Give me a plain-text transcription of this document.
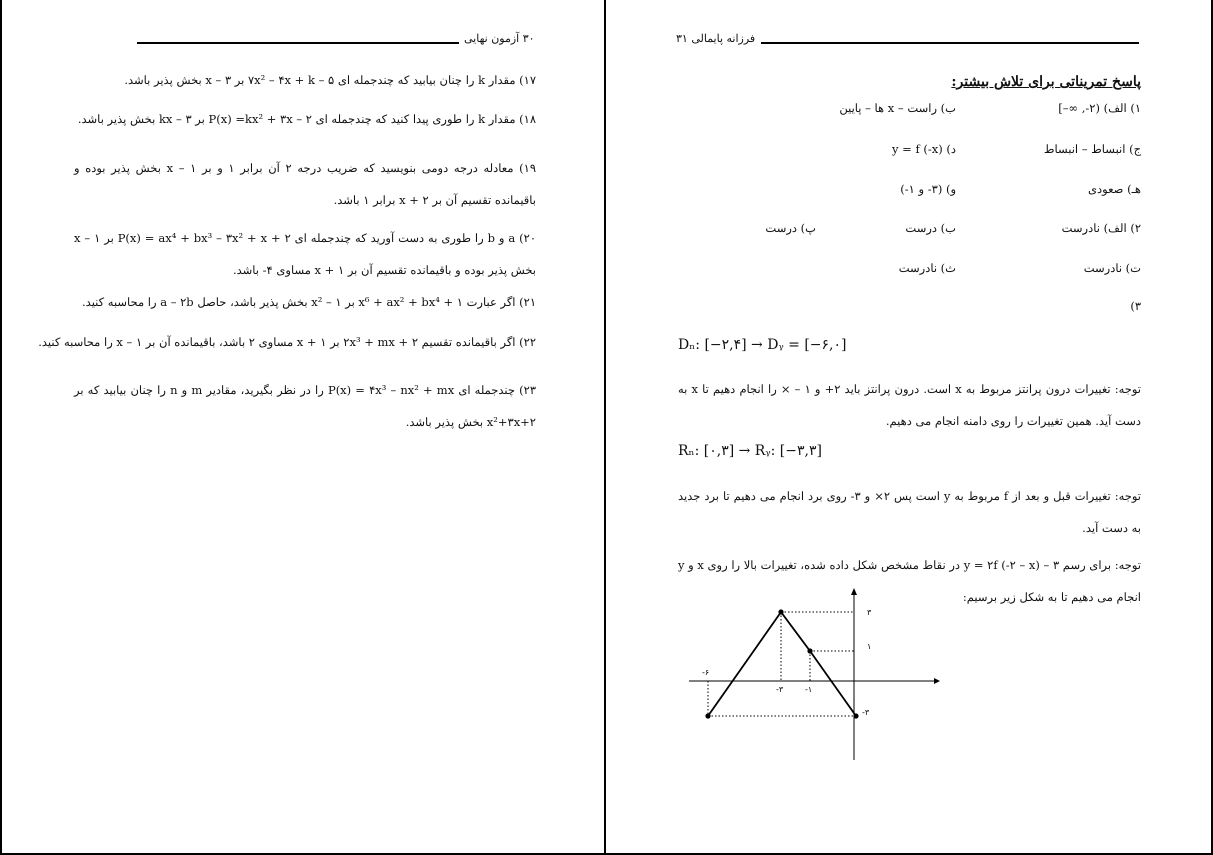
۳۰ آزمون نهایی
۱۷) مقدار k را چنان بیابید که چندجمله ای ۵ – ۷x² – ۴x + k بر ۳ – x بخش پذیر باشد.
۱۸) مقدار k را طوری پیدا کنید که چندجمله ای P(x) =kx² + ۳x – ۲ بر ۳ – kx بخش پذیر باشد.
۱۹) معادله درجه دومی بنویسید که ضریب درجه ۲ آن برابر ۱ و بر ۱ – x بخش پذیر بوده و باقیمانده تقسیم آن بر ۲ + x برابر ۱ باشد.
۲۰) a و b را طوری به دست آورید که چندجمله ای P(x) = ax⁴ + bx³ – ۳x² + x + ۲ بر ۱ – x بخش پذیر بوده و باقیمانده تقسیم آن بر ۱ + x مساوی ۴- باشد.
۲۱) اگر عبارت x⁶ + ax² + bx⁴ + ۱ بر ۱ – x² بخش پذیر باشد، حاصل a – ۲b را محاسبه کنید.
۲۲) اگر باقیمانده تقسیم ۲x³ + mx + ۲ بر ۱ + x مساوی ۲ باشد، باقیمانده آن بر ۱ – x را محاسبه کنید.
۲۳) چندجمله ای P(x) = ۴x³ – nx² + mx را در نظر بگیرید، مقادیر m و n را چنان بیابید که بر x²+۳x+۲ بخش پذیر باشد.
فرزانه پایمالی ۳۱
پاسخ تمریناتی برای تلاش بیشتر:
۱) الف) (۲-, ∞–]
ب) راست – x ها – پایین
ج) انبساط – انبساط
د) y = f (-x)
هـ) صعودی
و) (۳- و ۱-)
۲) الف) نادرست
ب) درست
پ) درست
ت) نادرست
ث) نادرست
۳)
Dₙ: [−۲,۴] → Dᵧ = [−۶,۰]
توجه: تغییرات درون پرانتز مربوط به x است. درون پرانتز باید ۲+ و ۱ – × را انجام دهیم تا x به دست آید. همین تغییرات را روی دامنه انجام می دهیم.
Rₙ: [۰,۳] → Rᵧ: [−۳,۳]
توجه: تغییرات قبل و بعد از f مربوط به y است پس ۲× و ۳- روی برد انجام می دهیم تا برد جدید به دست آید.
توجه: برای رسم y = ۲f (-۲ – x) – ۳ در نقاط مشخص شکل داده شده، تغییرات بالا را روی x و y انجام می دهیم تا به شکل زیر برسیم:
۳
۱
-۳
-۶
-۳	-۱
